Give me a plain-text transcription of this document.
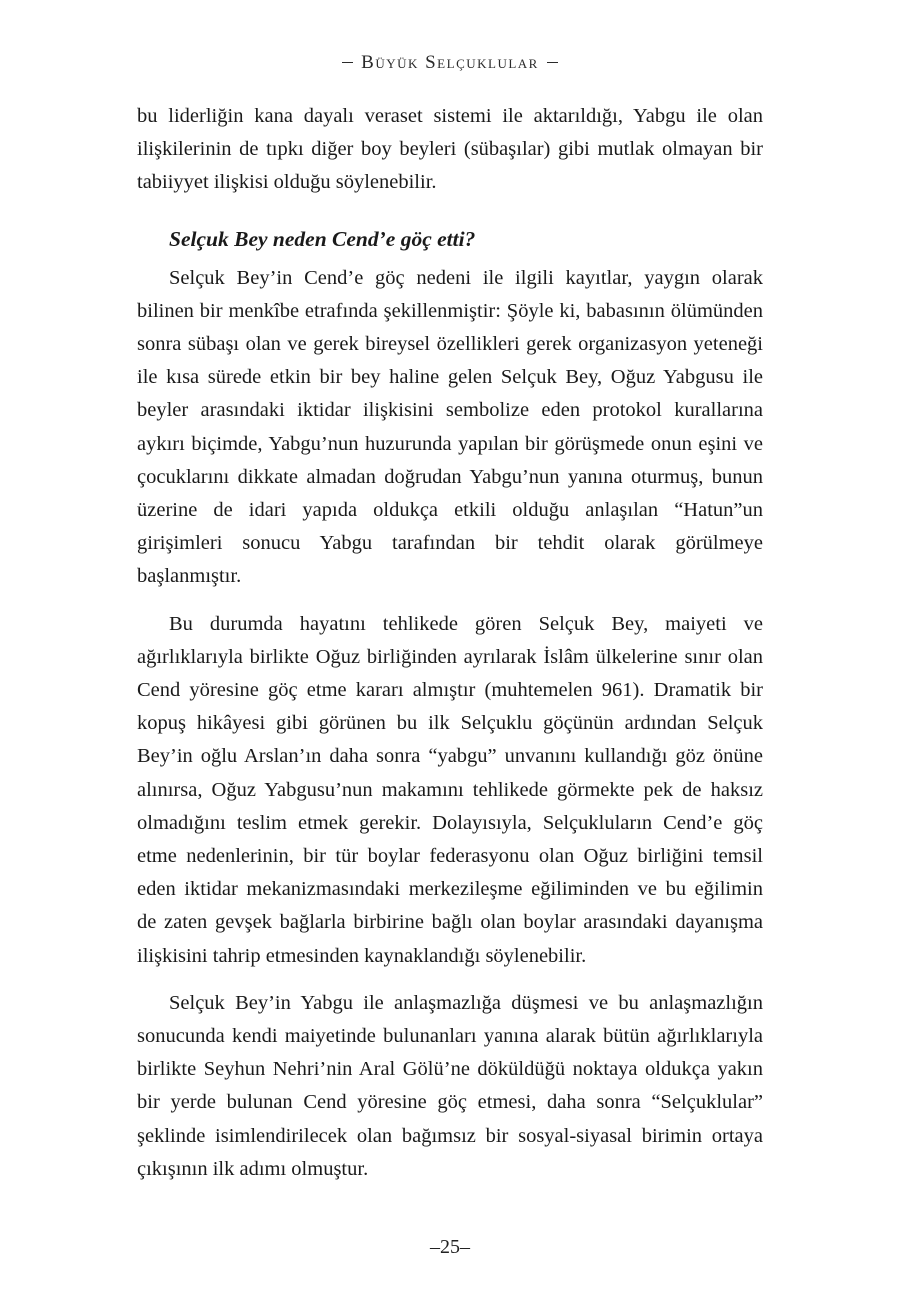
Büyük Selçuklular

bu liderliğin kana dayalı veraset sistemi ile aktarıldığı, Yabgu ile olan ilişkilerinin de tıpkı diğer boy beyleri (sübaşılar) gibi mutlak olmayan bir tabiiyyet ilişkisi olduğu söylenebilir.

Selçuk Bey neden Cend’e göç etti?

Selçuk Bey’in Cend’e göç nedeni ile ilgili kayıtlar, yaygın olarak bilinen bir menkîbe etrafında şekillenmiştir: Şöyle ki, babasının ölümünden sonra sübaşı olan ve gerek bireysel özellikleri gerek organizasyon yeteneği ile kısa sürede etkin bir bey haline gelen Selçuk Bey, Oğuz Yabgusu ile beyler arasındaki iktidar ilişkisini sembolize eden protokol kurallarına aykırı biçimde, Yabgu’nun huzurunda yapılan bir görüşmede onun eşini ve çocuklarını dikkate almadan doğrudan Yabgu’nun yanına oturmuş, bunun üzerine de idari yapıda oldukça etkili olduğu anlaşılan “Hatun”un girişimleri sonucu Yabgu tarafından bir tehdit olarak görülmeye başlanmıştır.

Bu durumda hayatını tehlikede gören Selçuk Bey, maiyeti ve ağırlıklarıyla birlikte Oğuz birliğinden ayrılarak İslâm ülkelerine sınır olan Cend yöresine göç etme kararı almıştır (muhtemelen 961). Dramatik bir kopuş hikâyesi gibi görünen bu ilk Selçuklu göçünün ardından Selçuk Bey’in oğlu Arslan’ın daha sonra “yabgu” unvanını kullandığı göz önüne alınırsa, Oğuz Yabgusu’nun makamını tehlikede görmekte pek de haksız olmadığını teslim etmek gerekir. Dolayısıyla, Selçukluların Cend’e göç etme nedenlerinin, bir tür boylar federasyonu olan Oğuz birliğini temsil eden iktidar mekanizmasındaki merkezileşme eğiliminden ve bu eğilimin de zaten gevşek bağlarla birbirine bağlı olan boylar arasındaki dayanışma ilişkisini tahrip etmesinden kaynaklandığı söylenebilir.

Selçuk Bey’in Yabgu ile anlaşmazlığa düşmesi ve bu anlaşmazlığın sonucunda kendi maiyetinde bulunanları yanına alarak bütün ağırlıklarıyla birlikte Seyhun Nehri’nin Aral Gölü’ne döküldüğü noktaya oldukça yakın bir yerde bulunan Cend yöresine göç etmesi, daha sonra “Selçuklular” şeklinde isimlendirilecek olan bağımsız bir sosyal-siyasal birimin ortaya çıkışının ilk adımı olmuştur.

–25–
